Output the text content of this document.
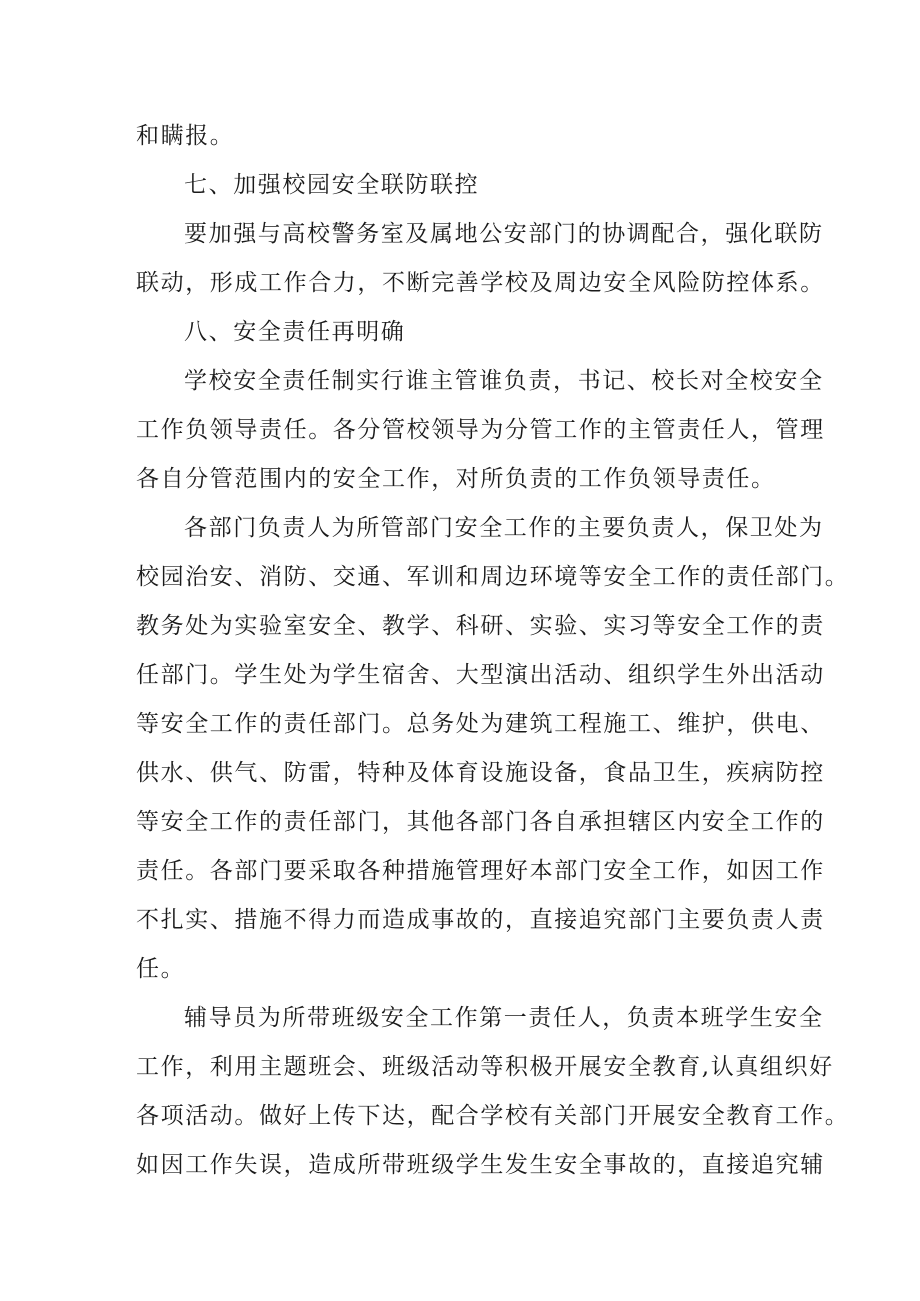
和瞒报。
七、加强校园安全联防联控
要加强与高校警务室及属地公安部门的协调配合，强化联防
联动，形成工作合力，不断完善学校及周边安全风险防控体系。
八、安全责任再明确
学校安全责任制实行谁主管谁负责，书记、校长对全校安全
工作负领导责任。各分管校领导为分管工作的主管责任人，管理
各自分管范围内的安全工作，对所负责的工作负领导责任。
各部门负责人为所管部门安全工作的主要负责人，保卫处为
校园治安、消防、交通、军训和周边环境等安全工作的责任部门。
教务处为实验室安全、教学、科研、实验、实习等安全工作的责
任部门。学生处为学生宿舍、大型演出活动、组织学生外出活动
等安全工作的责任部门。总务处为建筑工程施工、维护，供电、
供水、供气、防雷，特种及体育设施设备，食品卫生，疾病防控
等安全工作的责任部门，其他各部门各自承担辖区内安全工作的
责任。各部门要采取各种措施管理好本部门安全工作，如因工作
不扎实、措施不得力而造成事故的，直接追究部门主要负责人责
任。
辅导员为所带班级安全工作第一责任人，负责本班学生安全
工作，利用主题班会、班级活动等积极开展安全教育,认真组织好
各项活动。做好上传下达，配合学校有关部门开展安全教育工作。
如因工作失误，造成所带班级学生发生安全事故的，直接追究辅
